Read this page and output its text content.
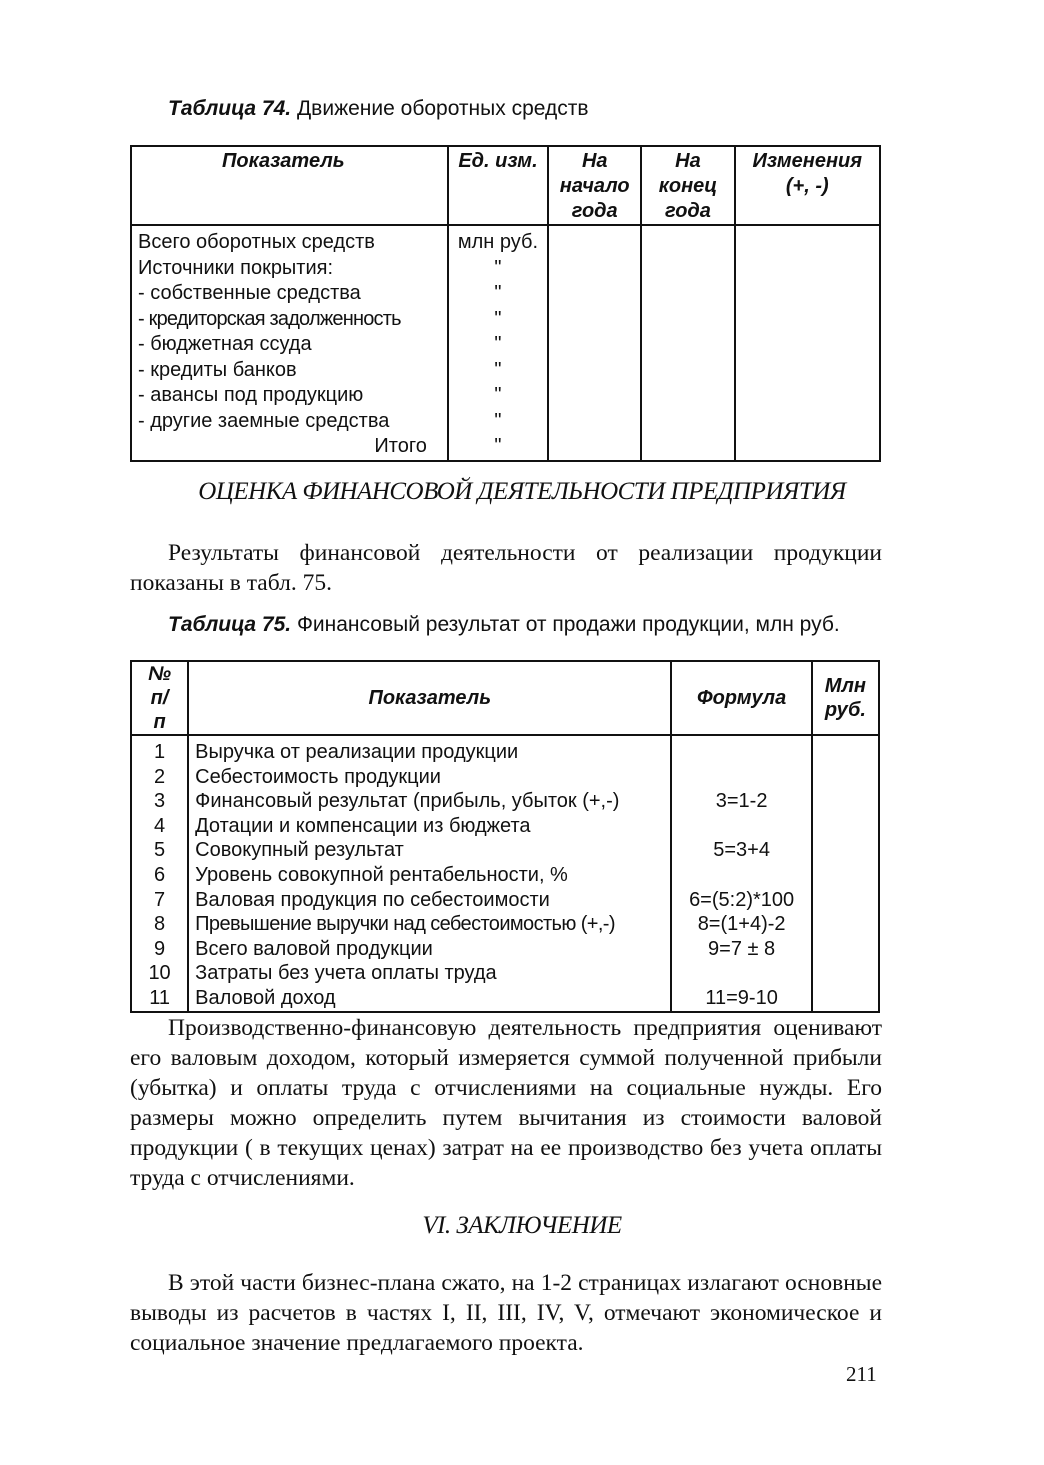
Таблица 74. Движение оборотных средств
Показатель	Ед. изм.	На начало года	На конец года	Изменения (+, -)
Всего оборотных средств	млн руб.			
Источники покрытия:	"			
- собственные средства	"			
- кредиторская задолженность	"			
- бюджетная ссуда	"			
- кредиты банков	"			
- авансы под продукцию	"			
- другие заемные средства	"			
Итого	"			
ОЦЕНКА ФИНАНСОВОЙ ДЕЯТЕЛЬНОСТИ ПРЕДПРИЯТИЯ
Результаты финансовой деятельности от реализации продукции показаны в табл. 75.
Таблица 75. Финансовый результат от продажи продукции, млн руб.
№ п/п	Показатель	Формула	Млн руб.
1	Выручка от реализации продукции		
2	Себестоимость продукции		
3	Финансовый результат (прибыль, убыток (+,-)	3=1-2	
4	Дотации и компенсации из бюджета		
5	Совокупный результат	5=3+4	
6	Уровень совокупной рентабельности, %		
7	Валовая продукция по себестоимости	6=(5:2)*100	
8	Превышение выручки над себестоимостью (+,-)	8=(1+4)-2	
9	Всего валовой продукции	9=7 ± 8	
10	Затраты без учета оплаты труда		
11	Валовой доход	11=9-10	
Производственно-финансовую деятельность предприятия оценивают его валовым доходом, который измеряется суммой полученной прибыли (убытка) и оплаты труда с отчислениями на социальные нужды. Его размеры можно определить путем вычитания из стоимости валовой продукции ( в текущих ценах) затрат на ее производство без учета оплаты труда с отчислениями.
VI. ЗАКЛЮЧЕНИЕ
В этой части бизнес-плана сжато, на 1-2 страницах излагают основные выводы из расчетов в частях I, II, III, IV, V, отмечают экономическое и социальное значение предлагаемого проекта.
211
